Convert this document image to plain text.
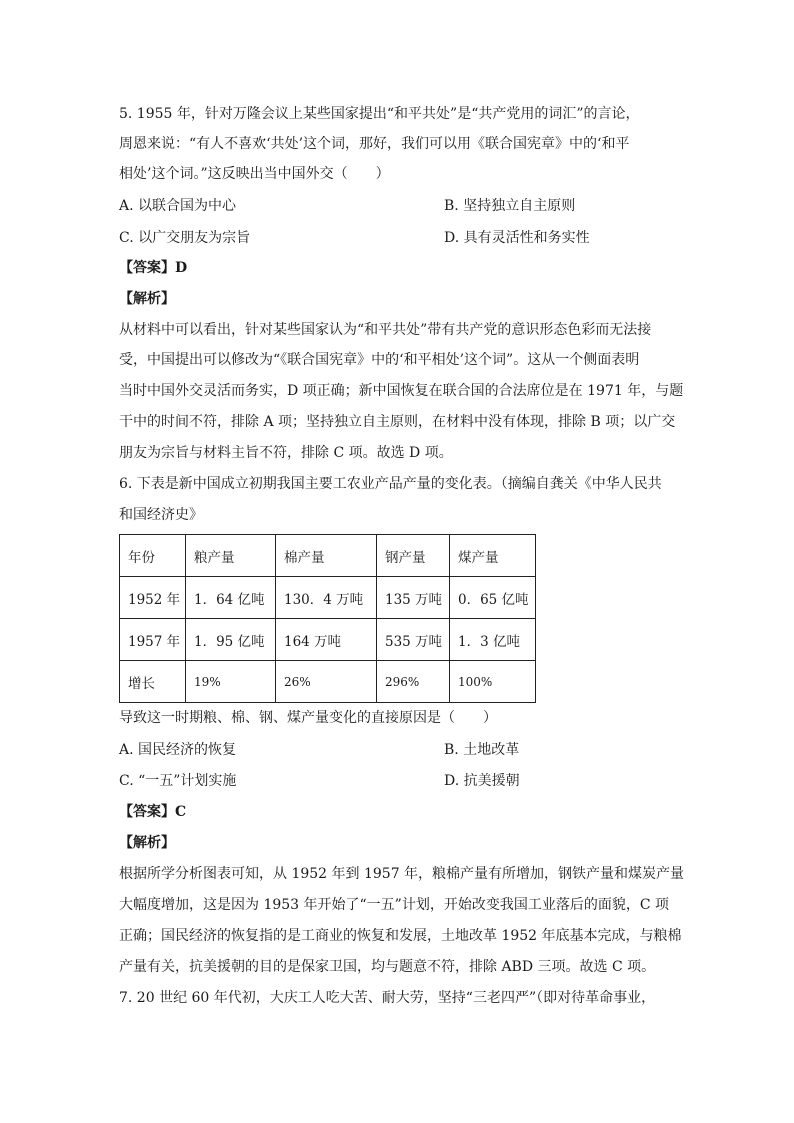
5. 1955 年，针对万隆会议上某些国家提出“和平共处”是“共产党用的词汇”的言论，
周恩来说：“有人不喜欢‘共处’这个词，那好，我们可以用《联合国宪章》中的‘和平
相处’这个词。”这反映出当中国外交（　　）
A. 以联合国为中心	B. 坚持独立自主原则
C. 以广交朋友为宗旨	D. 具有灵活性和务实性
【答案】D
【解析】
从材料中可以看出，针对某些国家认为“和平共处”带有共产党的意识形态色彩而无法接
受，中国提出可以修改为“《联合国宪章》中的‘和平相处’这个词”。这从一个侧面表明
当时中国外交灵活而务实，D 项正确；新中国恢复在联合国的合法席位是在 1971 年，与题
干中的时间不符，排除 A 项；坚持独立自主原则，在材料中没有体现，排除 B 项；以广交
朋友为宗旨与材料主旨不符，排除 C 项。故选 D 项。
6. 下表是新中国成立初期我国主要工农业产品产量的变化表。（摘编自龚关《中华人民共
和国经济史》
年份	粮产量	棉产量	钢产量	煤产量
1952 年	1．64 亿吨	130．4 万吨	135 万吨	0．65 亿吨
1957 年	1．95 亿吨	164 万吨	535 万吨	1．3 亿吨
增长	19%	26%	296%	100%
导致这一时期粮、棉、钢、煤产量变化的直接原因是（　　）
A. 国民经济的恢复	B. 土地改革
C. “一五”计划实施	D. 抗美援朝
【答案】C
【解析】
根据所学分析图表可知，从 1952 年到 1957 年，粮棉产量有所增加，钢铁产量和煤炭产量
大幅度增加，这是因为 1953 年开始了“一五”计划，开始改变我国工业落后的面貌，C 项
正确；国民经济的恢复指的是工商业的恢复和发展，土地改革 1952 年底基本完成，与粮棉
产量有关，抗美援朝的目的是保家卫国，均与题意不符，排除 ABD 三项。故选 C 项。
7. 20 世纪 60 年代初，大庆工人吃大苦、耐大劳，坚持“三老四严”（即对待革命事业，
